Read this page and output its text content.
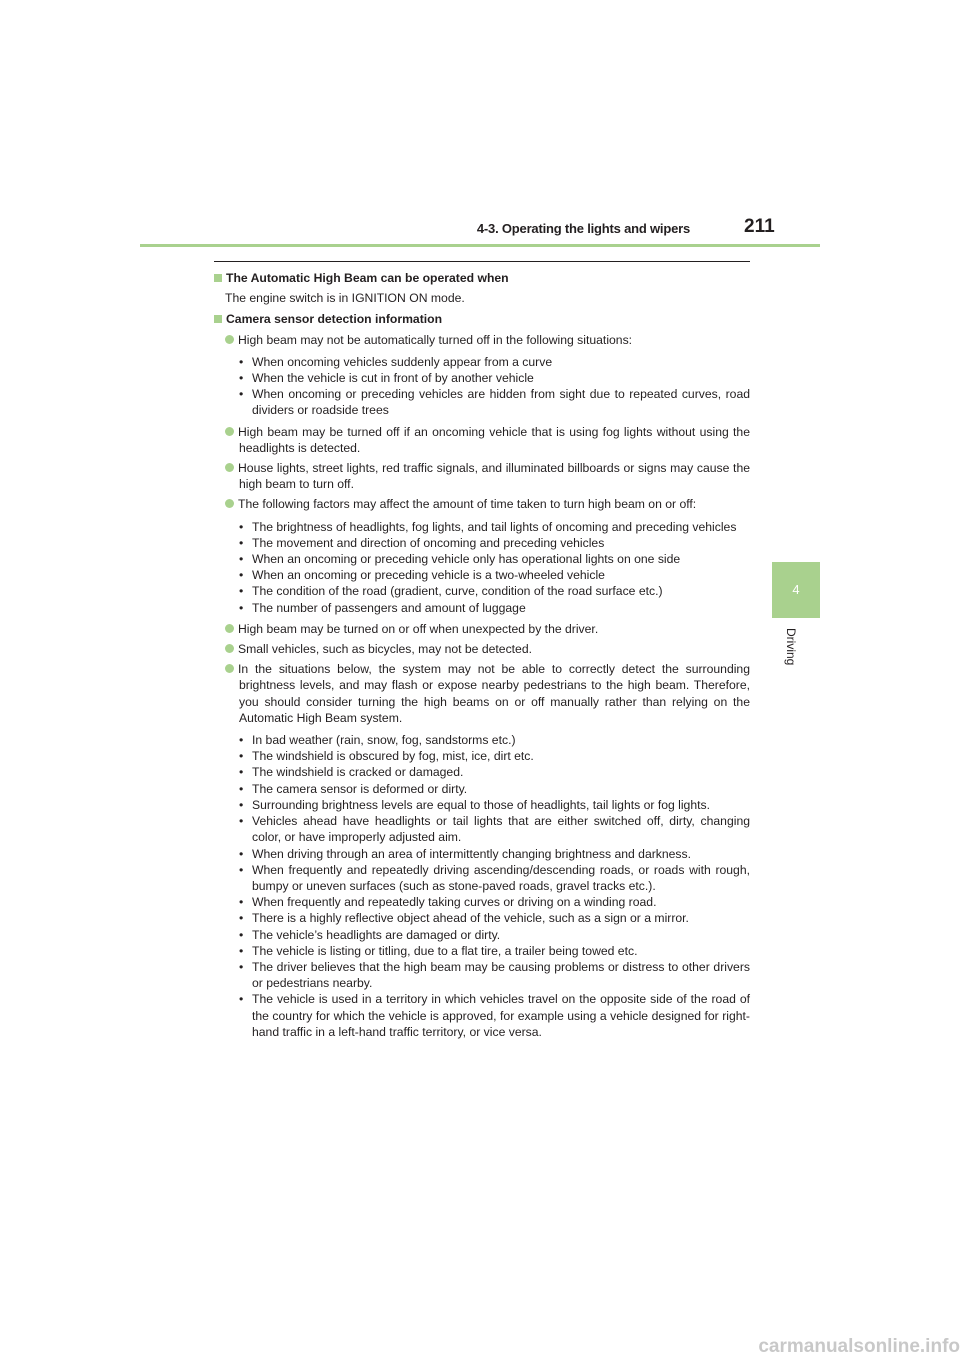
4-3. Operating the lights and wipers	211
4
Driving

The Automatic High Beam can be operated when

The engine switch is in IGNITION ON mode.

Camera sensor detection information

High beam may not be automatically turned off in the following situations:

• When oncoming vehicles suddenly appear from a curve
• When the vehicle is cut in front of by another vehicle
• When oncoming or preceding vehicles are hidden from sight due to repeated curves, road dividers or roadside trees

High beam may be turned off if an oncoming vehicle that is using fog lights without using the headlights is detected.

House lights, street lights, red traffic signals, and illuminated billboards or signs may cause the high beam to turn off.

The following factors may affect the amount of time taken to turn high beam on or off:

• The brightness of headlights, fog lights, and tail lights of oncoming and preceding vehicles
• The movement and direction of oncoming and preceding vehicles
• When an oncoming or preceding vehicle only has operational lights on one side
• When an oncoming or preceding vehicle is a two-wheeled vehicle
• The condition of the road (gradient, curve, condition of the road surface etc.)
• The number of passengers and amount of luggage

High beam may be turned on or off when unexpected by the driver.

Small vehicles, such as bicycles, may not be detected.

In the situations below, the system may not be able to correctly detect the surrounding brightness levels, and may flash or expose nearby pedestrians to the high beam. Therefore, you should consider turning the high beams on or off manually rather than relying on the Automatic High Beam system.

• In bad weather (rain, snow, fog, sandstorms etc.)
• The windshield is obscured by fog, mist, ice, dirt etc.
• The windshield is cracked or damaged.
• The camera sensor is deformed or dirty.
• Surrounding brightness levels are equal to those of headlights, tail lights or fog lights.
• Vehicles ahead have headlights or tail lights that are either switched off, dirty, changing color, or have improperly adjusted aim.
• When driving through an area of intermittently changing brightness and darkness.
• When frequently and repeatedly driving ascending/descending roads, or roads with rough, bumpy or uneven surfaces (such as stone-paved roads, gravel tracks etc.).
• When frequently and repeatedly taking curves or driving on a winding road.
• There is a highly reflective object ahead of the vehicle, such as a sign or a mirror.
• The vehicle’s headlights are damaged or dirty.
• The vehicle is listing or titling, due to a flat tire, a trailer being towed etc.
• The driver believes that the high beam may be causing problems or distress to other drivers or pedestrians nearby.
• The vehicle is used in a territory in which vehicles travel on the opposite side of the road of the country for which the vehicle is approved, for example using a vehicle designed for right-hand traffic in a left-hand traffic territory, or vice versa.
carmanualsonline.info
